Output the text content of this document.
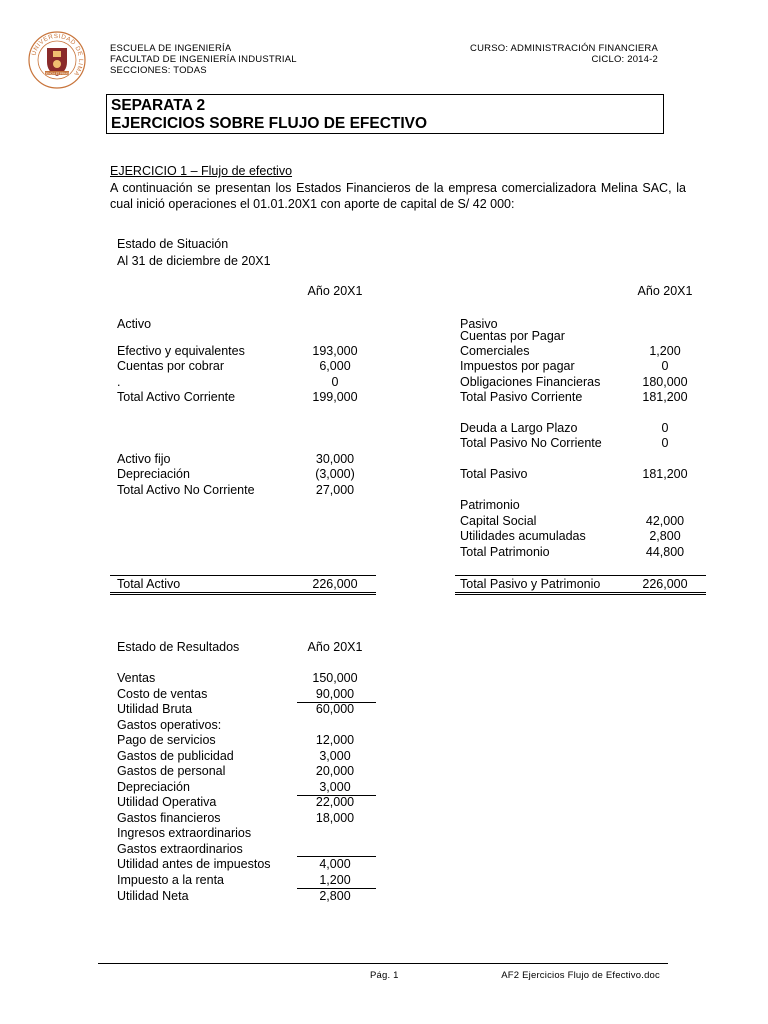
UNIVERSIDAD DE LIMA
CIENCIA ET PRAXIS
ESCUELA DE INGENIERÍA
FACULTAD DE INGENIERÍA INDUSTRIAL
SECCIONES: TODAS
CURSO: ADMINISTRACIÓN FINANCIERA
CICLO: 2014-2
SEPARATA 2
EJERCICIOS SOBRE FLUJO DE EFECTIVO
EJERCICIO 1 – Flujo de efectivo
A continuación se presentan los Estados Financieros de la empresa comercializadora Melina SAC, la cual inició operaciones el 01.01.20X1 con aporte de capital de S/ 42 000:
Estado de Situación
Al 31 de diciembre de 20X1
Año 20X1	Año 20X1
Activo
Efectivo y equivalentes	193,000
Cuentas por cobrar	6,000
.	0
Total Activo Corriente	199,000
Activo fijo	30,000
Depreciación	(3,000)
Total Activo No Corriente	27,000
Pasivo
Cuentas por Pagar
Comerciales	1,200
Impuestos por pagar	0
Obligaciones Financieras	180,000
Total Pasivo Corriente	181,200
Deuda a Largo Plazo	0
Total Pasivo No Corriente	0
Total Pasivo	181,200
Patrimonio
Capital Social	42,000
Utilidades acumuladas	2,800
Total Patrimonio	44,800
Total Activo	226,000	Total Pasivo y Patrimonio	226,000
Estado de Resultados	Año 20X1
Ventas	150,000
Costo de ventas	90,000
Utilidad Bruta	60,000
Gastos operativos:
Pago de servicios	12,000
Gastos de publicidad	3,000
Gastos de personal	20,000
Depreciación	3,000
Utilidad Operativa	22,000
Gastos financieros	18,000
Ingresos extraordinarios
Gastos extraordinarios
Utilidad antes de impuestos	4,000
Impuesto a la renta	1,200
Utilidad Neta	2,800
Pág. 1	AF2 Ejercicios Flujo de Efectivo.doc
